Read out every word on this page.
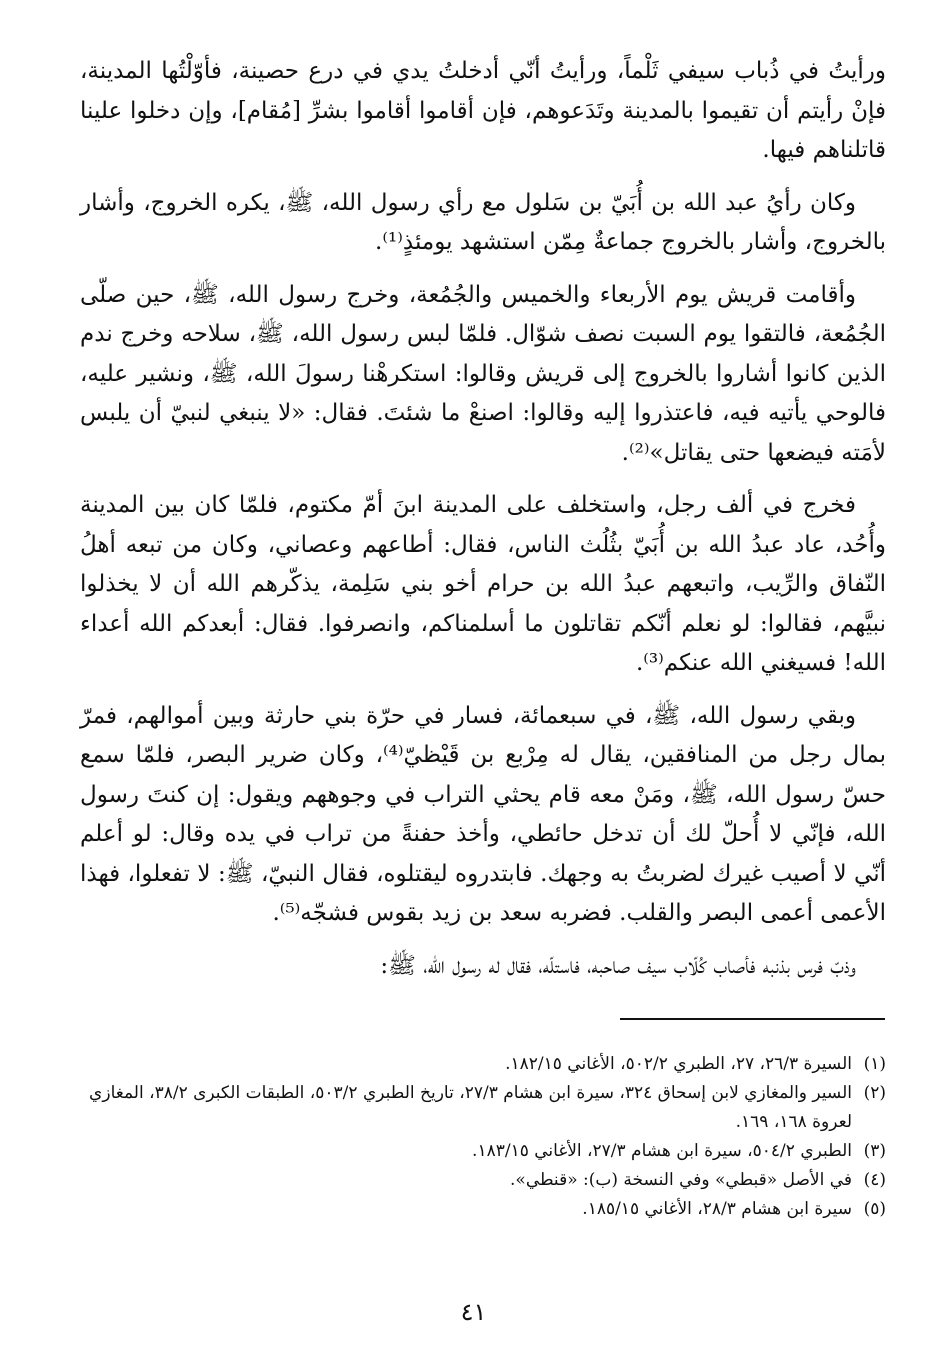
ورأيتُ في ذُباب سيفي ثَلْماً، ورأيتُ أنّي أدخلتُ يدي في درع حصينة، فأوّلْتُها المدينة، فإنْ رأيتم أن تقيموا بالمدينة وتَدَعوهم، فإن أقاموا أقاموا بشرِّ [مُقام]، وإن دخلوا علينا قاتلناهم فيها.

وكان رأيُ عبد الله بن أُبَيّ بن سَلول مع رأي رسول الله، ﷺ، يكره الخروج، وأشار بالخروج، وأشار بالخروج جماعةٌ مِمّن استشهد يومئذٍ⁽¹⁾.

وأقامت قريش يوم الأربعاء والخميس والجُمُعة، وخرج رسول الله، ﷺ، حين صلّى الجُمُعة، فالتقوا يوم السبت نصف شوّال. فلمّا لبس رسول الله، ﷺ، سلاحه وخرج ندم الذين كانوا أشاروا بالخروج إلى قريش وقالوا: استكرهْنا رسولَ الله، ﷺ، ونشير عليه، فالوحي يأتيه فيه، فاعتذروا إليه وقالوا: اصنعْ ما شئتَ. فقال: «لا ينبغي لنبيّ أن يلبس لأمَته فيضعها حتى يقاتل»⁽²⁾.

فخرج في ألف رجل، واستخلف على المدينة ابنَ أمّ مكتوم، فلمّا كان بين المدينة وأُحُد، عاد عبدُ الله بن أُبَيّ بثُلُث الناس، فقال: أطاعهم وعصاني، وكان من تبعه أهلُ النّفاق والرِّيب، واتبعهم عبدُ الله بن حرام أخو بني سَلِمة، يذكّرهم الله أن لا يخذلوا نبيَّهم، فقالوا: لو نعلم أنّكم تقاتلون ما أسلمناكم، وانصرفوا. فقال: أبعدكم الله أعداء الله! فسيغني الله عنكم⁽³⁾.

وبقي رسول الله، ﷺ، في سبعمائة، فسار في حرّة بني حارثة وبين أموالهم، فمرّ بمال رجل من المنافقين، يقال له مِرْبع بن قَيْظيّ⁽⁴⁾، وكان ضرير البصر، فلمّا سمع حسّ رسول الله، ﷺ، ومَنْ معه قام يحثي التراب في وجوههم ويقول: إن كنتَ رسول الله، فإنّي لا أُحلّ لك أن تدخل حائطي، وأخذ حفنةً من تراب في يده وقال: لو أعلم أنّي لا أصيب غيرك لضربتُ به وجهك. فابتدروه ليقتلوه، فقال النبيّ، ﷺ: لا تفعلوا، فهذا الأعمى أعمى البصر والقلب. فضربه سعد بن زيد بقوس فشجّه⁽⁵⁾.

وذبّ فرس بذنبه فأصاب كُلّاب سيف صاحبه، فاستلّه، فقال له رسول الله، ﷺ:

(١)
السيرة ٢٦/٣، ٢٧، الطبري ٥٠٢/٢، الأغاني ١٨٢/١٥.
(٢)
السير والمغازي لابن إسحاق ٣٢٤، سيرة ابن هشام ٢٧/٣، تاريخ الطبري ٥٠٣/٢، الطبقات الكبرى ٣٨/٢، المغازي لعروة ١٦٨، ١٦٩.
(٣)
الطبري ٥٠٤/٢، سيرة ابن هشام ٢٧/٣، الأغاني ١٨٣/١٥.
(٤)
في الأصل «قبطي» وفي النسخة (ب): «قنطي».
(٥)
سيرة ابن هشام ٢٨/٣، الأغاني ١٨٥/١٥.
٤١
